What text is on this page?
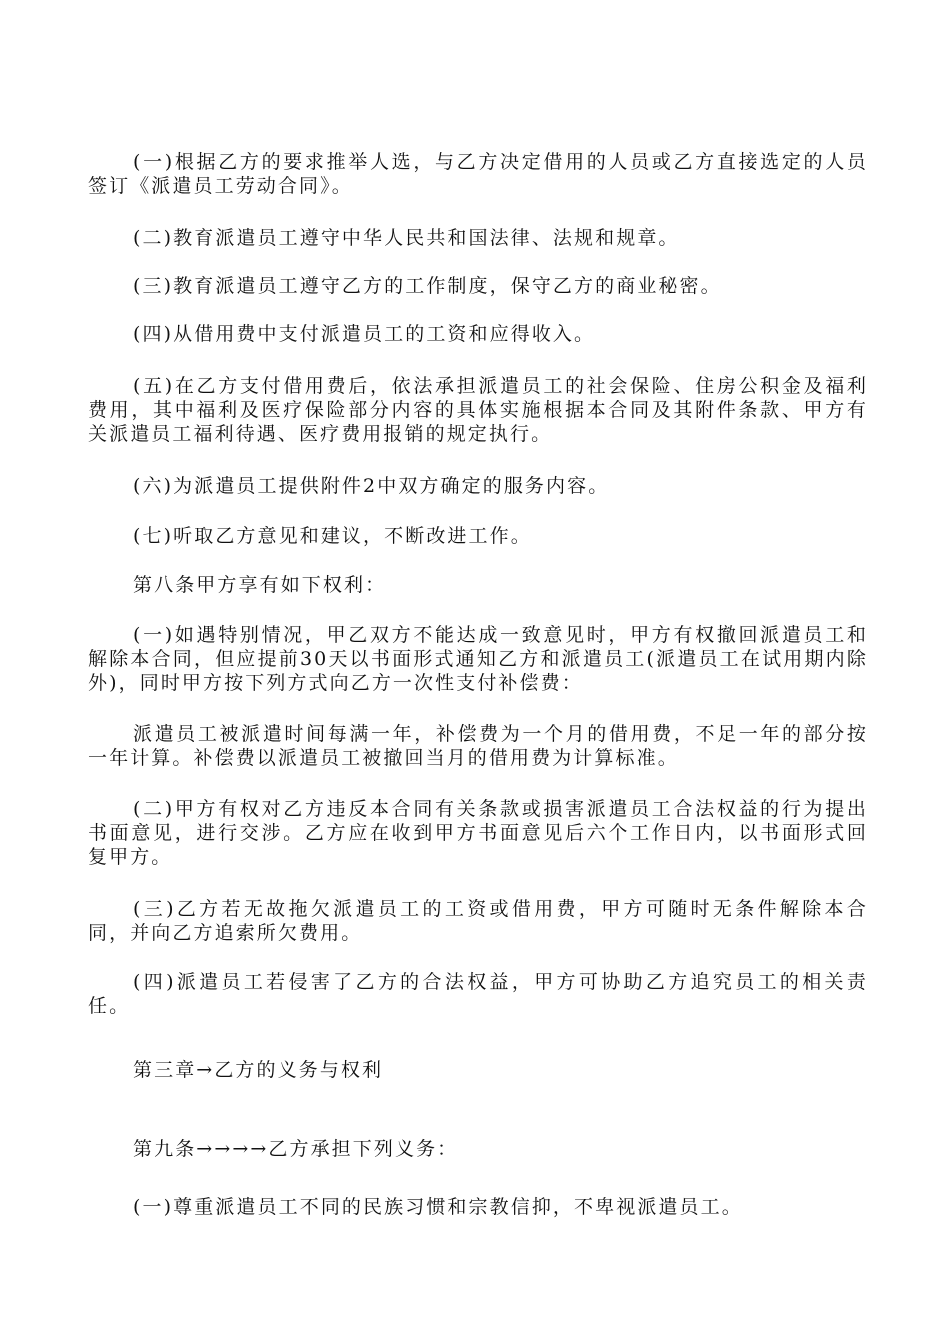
(一)根据乙方的要求推举人选，与乙方决定借用的人员或乙方直接选定的人员签订《派遣员工劳动合同》。

(二)教育派遣员工遵守中华人民共和国法律、法规和规章。

(三)教育派遣员工遵守乙方的工作制度，保守乙方的商业秘密。

(四)从借用费中支付派遣员工的工资和应得收入。

(五)在乙方支付借用费后，依法承担派遣员工的社会保险、住房公积金及福利费用，其中福利及医疗保险部分内容的具体实施根据本合同及其附件条款、甲方有关派遣员工福利待遇、医疗费用报销的规定执行。

(六)为派遣员工提供附件2中双方确定的服务内容。

(七)听取乙方意见和建议，不断改进工作。

第八条甲方享有如下权利：

(一)如遇特别情况，甲乙双方不能达成一致意见时，甲方有权撤回派遣员工和解除本合同，但应提前30天以书面形式通知乙方和派遣员工(派遣员工在试用期内除外)，同时甲方按下列方式向乙方一次性支付补偿费：

派遣员工被派遣时间每满一年，补偿费为一个月的借用费，不足一年的部分按一年计算。补偿费以派遣员工被撤回当月的借用费为计算标准。

(二)甲方有权对乙方违反本合同有关条款或损害派遣员工合法权益的行为提出书面意见，进行交涉。乙方应在收到甲方书面意见后六个工作日内，以书面形式回复甲方。

(三)乙方若无故拖欠派遣员工的工资或借用费，甲方可随时无条件解除本合同，并向乙方追索所欠费用。

(四)派遣员工若侵害了乙方的合法权益，甲方可协助乙方追究员工的相关责任。

第三章→乙方的义务与权利

第九条→→→→乙方承担下列义务：

(一)尊重派遣员工不同的民族习惯和宗教信抑，不卑视派遣员工。
